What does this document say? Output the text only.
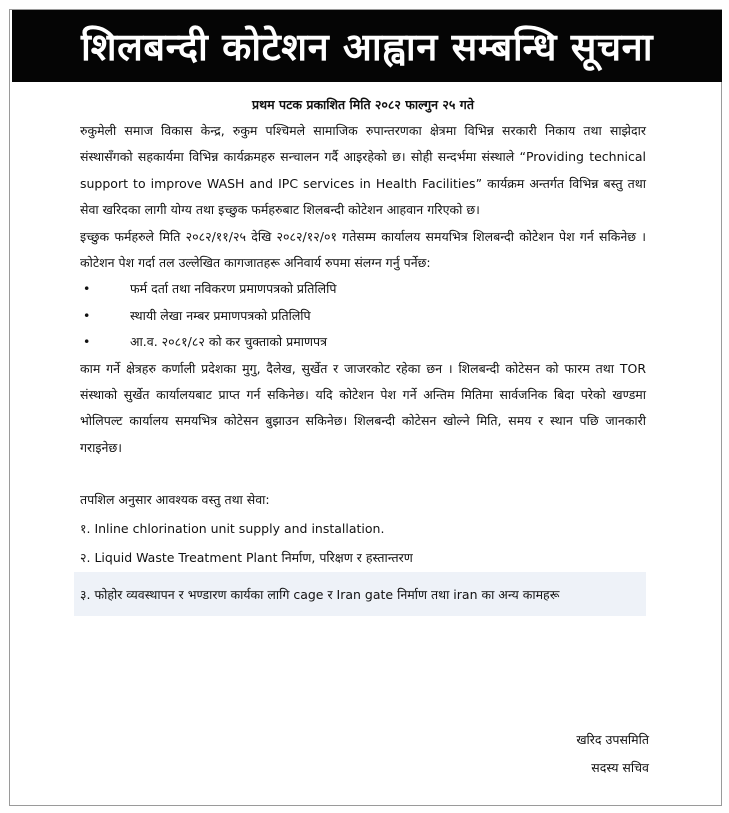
शिलबन्दी कोटेशन आह्वान सम्बन्धि सूचना
प्रथम पटक प्रकाशित मिति २०८२ फाल्गुन २५ गते

रुकुमेली समाज विकास केन्द्र, रुकुम पश्चिमले सामाजिक रुपान्तरणका क्षेत्रमा विभिन्न सरकारी निकाय तथा साझेदार संस्थासँगको सहकार्यमा विभिन्न कार्यक्रमहरु सन्चालन गर्दै आइरहेको छ। सोही सन्दर्भमा संस्थाले “Providing technical support to improve WASH and IPC services in Health Facilities” कार्यक्रम अन्तर्गत विभिन्न बस्तु तथा सेवा खरिदका लागी योग्य तथा इच्छुक फर्महरुबाट शिलबन्दी कोटेशन आहवान गरिएको छ।

इच्छुक फर्महरुले मिति २०८२/११/२५ देखि २०८२/१२/०१ गतेसम्म कार्यालय समयभित्र शिलबन्दी कोटेशन पेश गर्न सकिनेछ । कोटेशन पेश गर्दा तल उल्लेखित कागजातहरू अनिवार्य रुपमा संलग्न गर्नु पर्नेछ:

•	फर्म दर्ता तथा नविकरण प्रमाणपत्रको प्रतिलिपि
•	स्थायी लेखा नम्बर प्रमाणपत्रको प्रतिलिपि
•	आ.व. २०८१/८२ को कर चुक्ताको प्रमाणपत्र

काम गर्ने क्षेत्रहरु कर्णाली प्रदेशका मुगु, दैलेख, सुर्खेत र जाजरकोट रहेका छन । शिलबन्दी कोटेसन को फारम तथा TOR संस्थाको सुर्खेत कार्यालयबाट प्राप्त गर्न सकिनेछ। यदि कोटेशन पेश गर्ने अन्तिम मितिमा सार्वजनिक बिदा परेको खण्डमा भोलिपल्ट कार्यालय समयभित्र कोटेसन बुझाउन सकिनेछ। शिलबन्दी कोटेसन खोल्ने मिति, समय र स्थान पछि जानकारी गराइनेछ।

तपशिल अनुसार आवश्यक वस्तु तथा सेवा:
१. Inline chlorination unit supply and installation.
२. Liquid Waste Treatment Plant निर्माण, परिक्षण र हस्तान्तरण
३. फोहोर व्यवस्थापन र भण्डारण कार्यका लागि cage र Iran gate निर्माण तथा iran का अन्य कामहरू
खरिद उपसमिति
सदस्य सचिव
